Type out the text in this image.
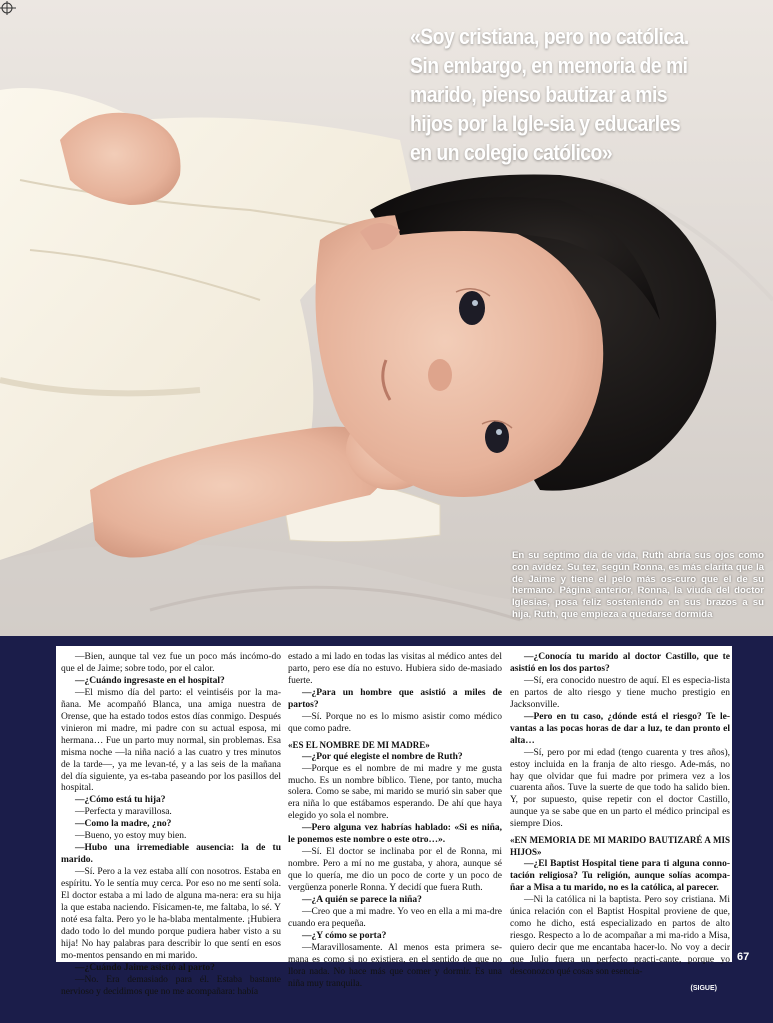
«Soy cristiana, pero no católica. Sin embargo, en memoria de mi marido, pienso bautizar a mis hijos por la Igle-sia y educarles en un colegio católico»

En su séptimo día de vida, Ruth abría sus ojos como con avidez. Su tez, según Ronna, es más clarita que la de Jaime y tiene el pelo más os-curo que el de su hermano. Página anterior, Ronna, la viuda del doctor Iglesias, posa feliz sosteniendo en sus brazos a su hija, Ruth, que empieza a quedarse dormida

—Bien, aunque tal vez fue un poco más incómo-do que el de Jaime; sobre todo, por el calor.

—¿Cuándo ingresaste en el hospital?

—El mismo día del parto: el veintiséis por la ma-ñana. Me acompañó Blanca, una amiga nuestra de Orense, que ha estado todos estos días conmigo. Después vinieron mi madre, mi padre con su actual esposa, mi hermana… Fue un parto muy normal, sin problemas. Esa misma noche —la niña nació a las cuatro y tres minutos de la tarde—, ya me levan-té, y a las seis de la mañana del día siguiente, ya es-taba paseando por los pasillos del hospital.

—¿Cómo está tu hija?

—Perfecta y maravillosa.

—Como la madre, ¿no?

—Bueno, yo estoy muy bien.

—Hubo una irremediable ausencia: la de tu marido.

—Sí. Pero a la vez estaba allí con nosotros. Estaba en espíritu. Yo le sentía muy cerca. Por eso no me sentí sola. El doctor estaba a mi lado de alguna ma-nera: era su hija la que estaba naciendo. Físicamen-te, me faltaba, lo sé. Y noté esa falta. Pero yo le ha-blaba mentalmente. ¡Hubiera dado todo lo del mundo porque pudiera haber visto a su hija! No hay palabras para describir lo que sentí en esos mo-mentos pensando en mi marido.

—¿Cuándo Jaime asistió al parto?

—No. Era demasiado para él. Estaba bastante nervioso y decidimos que no me acompañara: había

estado a mi lado en todas las visitas al médico antes del parto, pero ese día no estuvo. Hubiera sido de-masiado fuerte.

—¿Para un hombre que asistió a miles de partos?

—Sí. Porque no es lo mismo asistir como médico que como padre.

«ES EL NOMBRE DE MI MADRE»

—¿Por qué elegiste el nombre de Ruth?

—Porque es el nombre de mi madre y me gusta mucho. Es un nombre bíblico. Tiene, por tanto, mucha solera. Como se sabe, mi marido se murió sin saber que era niña lo que estábamos esperando. De ahí que haya elegido yo sola el nombre.

—Pero alguna vez habrías hablado: «Si es niña, le ponemos este nombre o este otro…».

—Sí. El doctor se inclinaba por el de Ronna, mi nombre. Pero a mí no me gustaba, y ahora, aunque sé que lo quería, me dio un poco de corte y un poco de vergüenza ponerle Ronna. Y decidí que fuera Ruth.

—¿A quién se parece la niña?

—Creo que a mi madre. Yo veo en ella a mi ma-dre cuando era pequeña.

—¿Y cómo se porta?

—Maravillosamente. Al menos esta primera se-mana es como si no existiera, en el sentido de que no llora nada. No hace más que comer y dormir. Es una niña muy tranquila.

—¿Conocía tu marido al doctor Castillo, que te asistió en los dos partos?

—Sí, era conocido nuestro de aquí. El es especia-lista en partos de alto riesgo y tiene mucho prestigio en Jacksonville.

—Pero en tu caso, ¿dónde está el riesgo? Te le-vantas a las pocas horas de dar a luz, te dan pronto el alta…

—Sí, pero por mi edad (tengo cuarenta y tres años), estoy incluida en la franja de alto riesgo. Ade-más, no hay que olvidar que fui madre por primera vez a los cuarenta años. Tuve la suerte de que todo ha salido bien. Y, por supuesto, quise repetir con el doctor Castillo, aunque ya se sabe que en un parto el médico principal es siempre Dios.

«EN MEMORIA DE MI MARIDO BAUTIZARÉ A MIS HIJOS»

—¿El Baptist Hospital tiene para ti alguna conno-tación religiosa? Tu religión, aunque solías acompa-ñar a Misa a tu marido, no es la católica, al parecer.

—Ni la católica ni la baptista. Pero soy cristiana. Mi única relación con el Baptist Hospital proviene de que, como he dicho, está especializado en partos de alto riesgo. Respecto a lo de acompañar a mi ma-rido a Misa, quiero decir que me encantaba hacer-lo. No voy a decir que Julio fuera un perfecto practi-cante, porque yo desconozco qué cosas son esencia-

(SIGUE)
67
